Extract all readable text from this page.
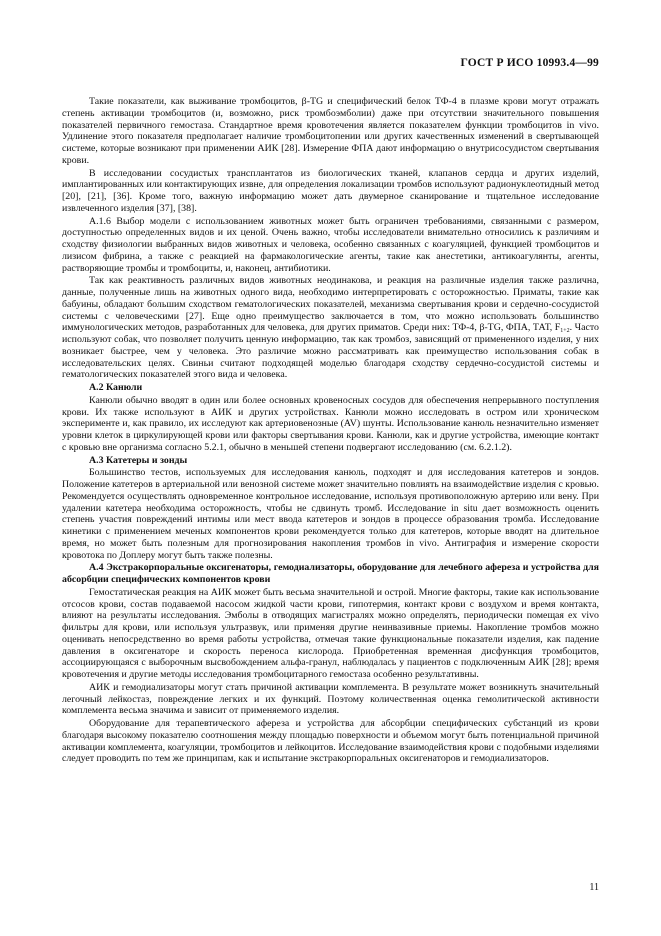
ГОСТ Р ИСО 10993.4—99

Такие показатели, как выживание тромбоцитов, β-TG и специфический белок ТФ-4 в плазме крови могут отражать степень активации тромбоцитов (и, возможно, риск тромбоэмболии) даже при отсутствии значительного повышения показателей первичного гемостаза. Стандартное время кровотечения является показателем функции тромбоцитов in vivo. Удлинение этого показателя предполагает наличие тромбоцитопении или других качественных изменений в свертывающей системе, которые возникают при применении АИК [28]. Измерение ФПА дают информацию о внутрисосудистом свертывания крови.

В исследовании сосудистых трансплантатов из биологических тканей, клапанов сердца и других изделий, имплантированных или контактирующих извне, для определения локализации тромбов используют радионуклеотидный метод [20], [21], [36]. Кроме того, важную информацию может дать двумерное сканирование и тщательное исследование извлеченного изделия [37], [38].

А.1.6 Выбор модели с использованием животных может быть ограничен требованиями, связанными с размером, доступностью определенных видов и их ценой. Очень важно, чтобы исследователи внимательно относились к различиям и сходству физиологии выбранных видов животных и человека, особенно связанных с коагуляцией, функцией тромбоцитов и лизисом фибрина, а также с реакцией на фармакологические агенты, такие как анестетики, антикоагулянты, агенты, растворяющие тромбы и тромбоциты, и, наконец, антибиотики.

Так как реактивность различных видов животных неодинакова, и реакция на различные изделия также различна, данные, полученные лишь на животных одного вида, необходимо интерпретировать с осторожностью. Приматы, такие как бабуины, обладают большим сходством гематологических показателей, механизма свертывания крови и сердечно-сосудистой системы с человеческими [27]. Еще одно преимущество заключается в том, что можно использовать большинство иммунологических методов, разработанных для человека, для других приматов. Среди них: ТФ-4, β-TG, ФПА, ТАТ, $F_{1+2}$. Часто используют собак, что позволяет получить ценную информацию, так как тромбоз, зависящий от примененного изделия, у них возникает быстрее, чем у человека. Это различие можно рассматривать как преимущество использования собак в исследовательских целях. Свиньи считают подходящей моделью благодаря сходству сердечно-сосудистой системы и гематологических показателей этого вида и человека.

А.2 Канюли

Канюли обычно вводят в один или более основных кровеносных сосудов для обеспечения непрерывного поступления крови. Их также используют в АИК и других устройствах. Канюли можно исследовать в остром или хроническом эксперименте и, как правило, их исследуют как артериовенозные (AV) шунты. Использование канюль незначительно изменяет уровни клеток в циркулирующей крови или факторы свертывания крови. Канюли, как и другие устройства, имеющие контакт с кровью вне организма согласно 5.2.1, обычно в меньшей степени подвергают исследованию (см. 6.2.1.2).

А.3 Катетеры и зонды

Большинство тестов, используемых для исследования канюль, подходят и для исследования катетеров и зондов. Положение катетеров в артериальной или венозной системе может значительно повлиять на взаимодействие изделия с кровью. Рекомендуется осуществлять одновременное контрольное исследование, используя противоположную артерию или вену. При удалении катетера необходима осторожность, чтобы не сдвинуть тромб. Исследование in situ дает возможность оценить степень участия повреждений интимы или мест ввода катетеров и зондов в процессе образования тромба. Исследование кинетики с применением меченых компонентов крови рекомендуется только для катетеров, которые вводят на длительное время, но может быть полезным для прогнозирования накопления тромбов in vivo. Антиграфия и измерение скорости кровотока по Доплеру могут быть также полезны.

А.4 Экстракорпоральные оксигенаторы, гемодиализаторы, оборудование для лечебного афереза и устройства для абсорбции специфических компонентов крови

Гемостатическая реакция на АИК может быть весьма значительной и острой. Многие факторы, такие как использование отсосов крови, состав подаваемой насосом жидкой части крови, гипотермия, контакт крови с воздухом и время контакта, влияют на результаты исследования. Эмболы в отводящих магистралях можно определять, периодически помещая ex vivo фильтры для крови, или используя ультразвук, или применяя другие неинвазивные приемы. Накопление тромбов можно оценивать непосредственно во время работы устройства, отмечая такие функциональные показатели изделия, как падение давления в оксигенаторе и скорость переноса кислорода. Приобретенная временная дисфункция тромбоцитов, ассоциирующаяся с выборочным высвобождением альфа-гранул, наблюдалась у пациентов с подключенным АИК [28]; время кровотечения и другие методы исследования тромбоцитарного гемостаза особенно результативны.

АИК и гемодиализаторы могут стать причиной активации комплемента. В результате может возникнуть значительный легочный лейкостаз, повреждение легких и их функций. Поэтому количественная оценка гемолитической активности комплемента весьма значима и зависит от применяемого изделия.

Оборудование для терапевтического афереза и устройства для абсорбции специфических субстанций из крови благодаря высокому показателю соотношения между площадью поверхности и объемом могут быть потенциальной причиной активации комплемента, коагуляции, тромбоцитов и лейкоцитов. Исследование взаимодействия крови с подобными изделиями следует проводить по тем же принципам, как и испытание экстракорпоральных оксигенаторов и гемодиализаторов.

11
